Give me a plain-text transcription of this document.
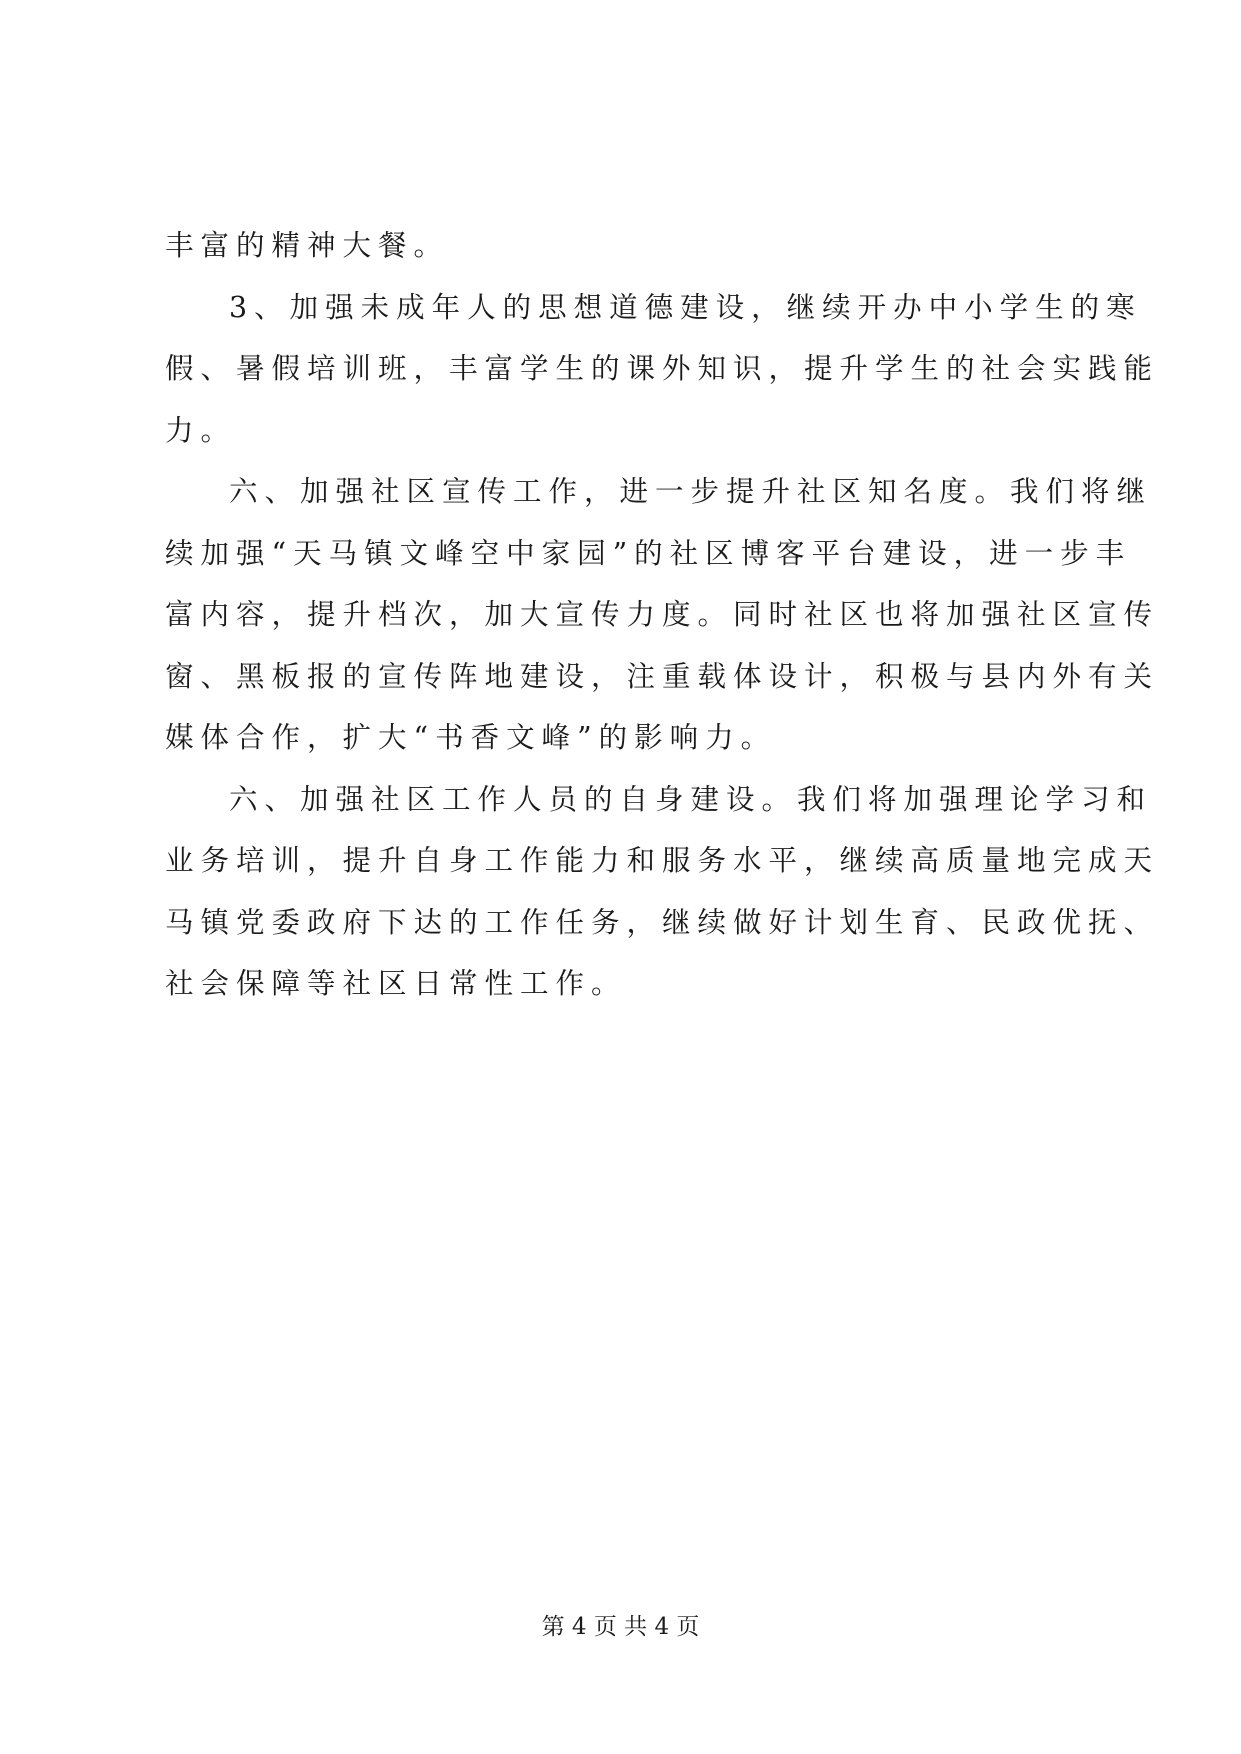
丰富的精神大餐。
3、加强未成年人的思想道德建设，继续开办中小学生的寒
假、暑假培训班，丰富学生的课外知识，提升学生的社会实践能
力。
六、加强社区宣传工作，进一步提升社区知名度。我们将继
续加强“天马镇文峰空中家园”的社区博客平台建设，进一步丰
富内容，提升档次，加大宣传力度。同时社区也将加强社区宣传
窗、黑板报的宣传阵地建设，注重载体设计，积极与县内外有关
媒体合作，扩大“书香文峰”的影响力。
六、加强社区工作人员的自身建设。我们将加强理论学习和
业务培训，提升自身工作能力和服务水平，继续高质量地完成天
马镇党委政府下达的工作任务，继续做好计划生育、民政优抚、
社会保障等社区日常性工作。
第 4 页 共 4 页
